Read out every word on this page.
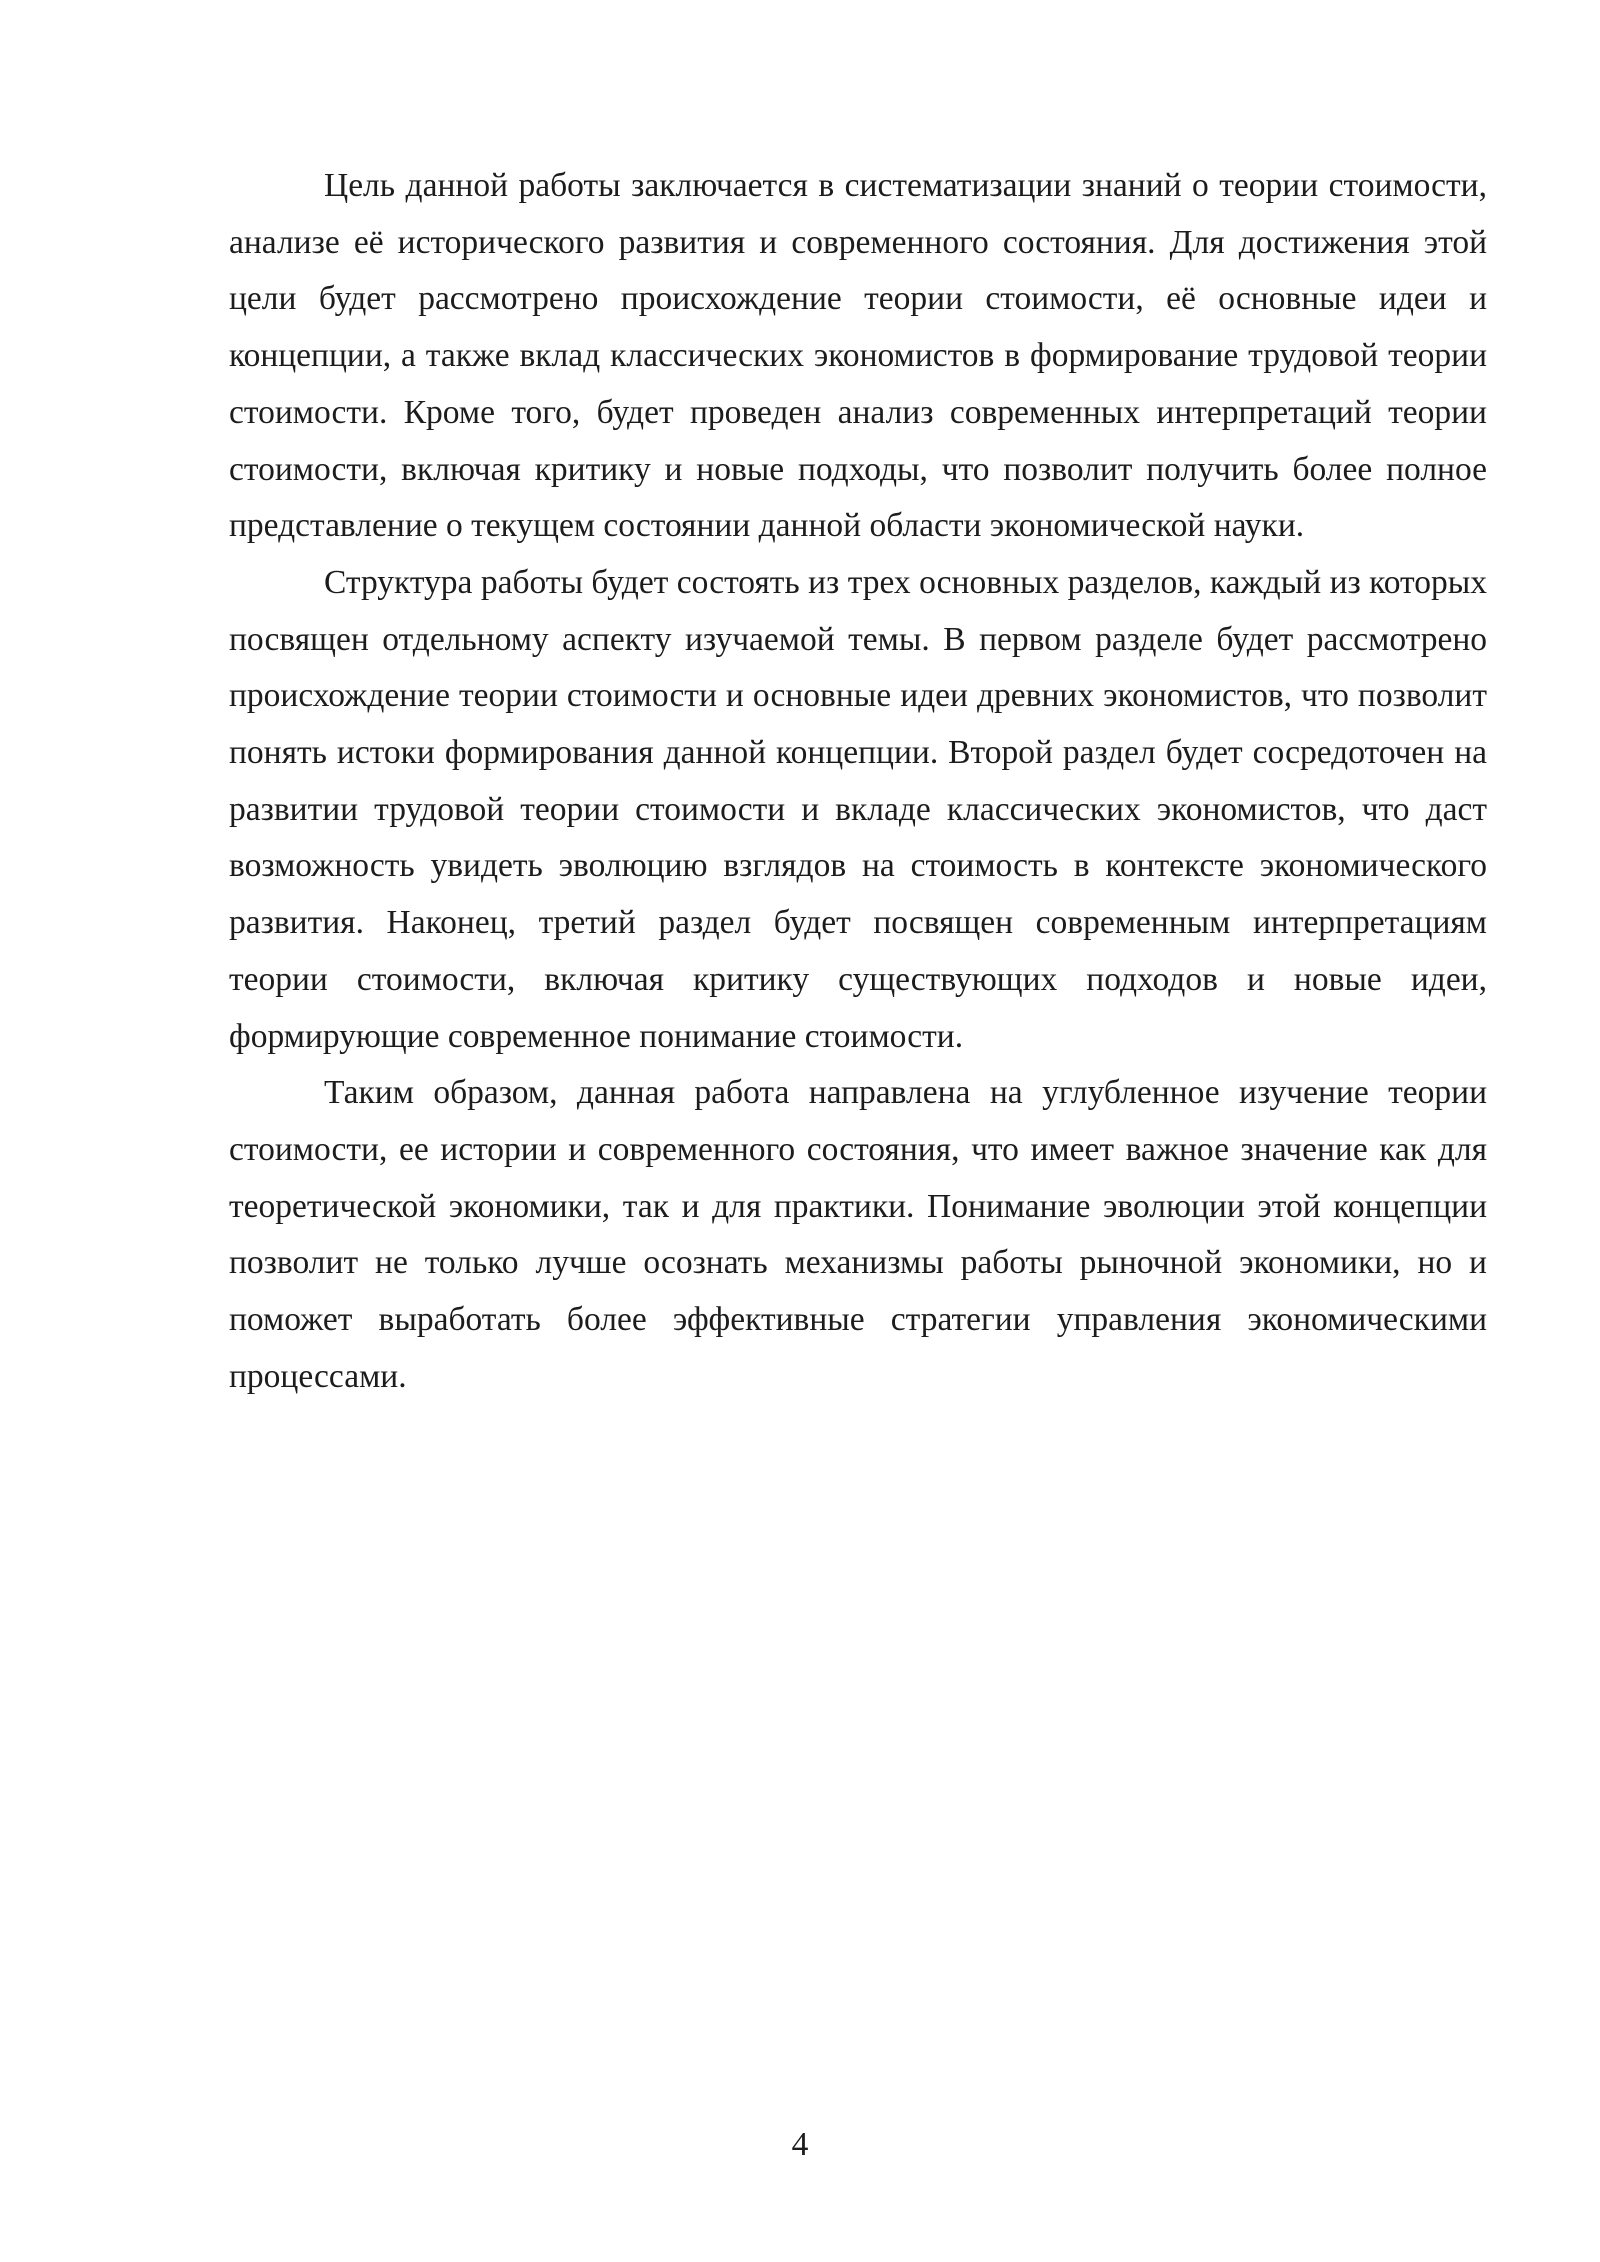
Цель данной работы заключается в систематизации знаний о теории стоимости, анализе её исторического развития и современного состояния. Для достижения этой цели будет рассмотрено происхождение теории стоимости, её основные идеи и концепции, а также вклад классических экономистов в формирование трудовой теории стоимости. Кроме того, будет проведен анализ современных интерпретаций теории стоимости, включая критику и новые подходы, что позволит получить более полное представление о текущем состоянии данной области экономической науки.

Структура работы будет состоять из трех основных разделов, каждый из которых посвящен отдельному аспекту изучаемой темы. В первом разделе будет рассмотрено происхождение теории стоимости и основные идеи древних экономистов, что позволит понять истоки формирования данной концепции. Второй раздел будет сосредоточен на развитии трудовой теории стоимости и вкладе классических экономистов, что даст возможность увидеть эволюцию взглядов на стоимость в контексте экономического развития. Наконец, третий раздел будет посвящен современным интерпретациям теории стоимости, включая критику существующих подходов и новые идеи, формирующие современное понимание стоимости.

Таким образом, данная работа направлена на углубленное изучение теории стоимости, ее истории и современного состояния, что имеет важное значение как для теоретической экономики, так и для практики. Понимание эволюции этой концепции позволит не только лучше осознать механизмы работы рыночной экономики, но и поможет выработать более эффективные стратегии управления экономическими процессами.

4
